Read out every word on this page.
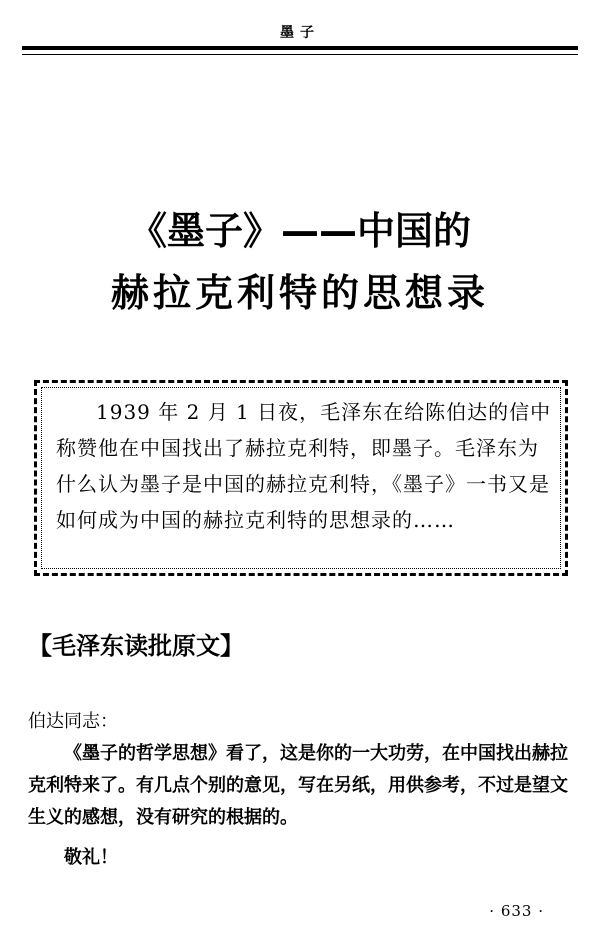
墨子
《墨子》——中国的
赫拉克利特的思想录

1939 年 2 月 1 日夜，毛泽东在给陈伯达的信中称赞他在中国找出了赫拉克利特，即墨子。毛泽东为什么认为墨子是中国的赫拉克利特，《墨子》一书又是如何成为中国的赫拉克利特的思想录的……

【毛泽东读批原文】

伯达同志：

《墨子的哲学思想》看了，这是你的一大功劳，在中国找出赫拉克利特来了。有几点个别的意见，写在另纸，用供参考，不过是望文生义的感想，没有研究的根据的。

敬礼！

· 633 ·
